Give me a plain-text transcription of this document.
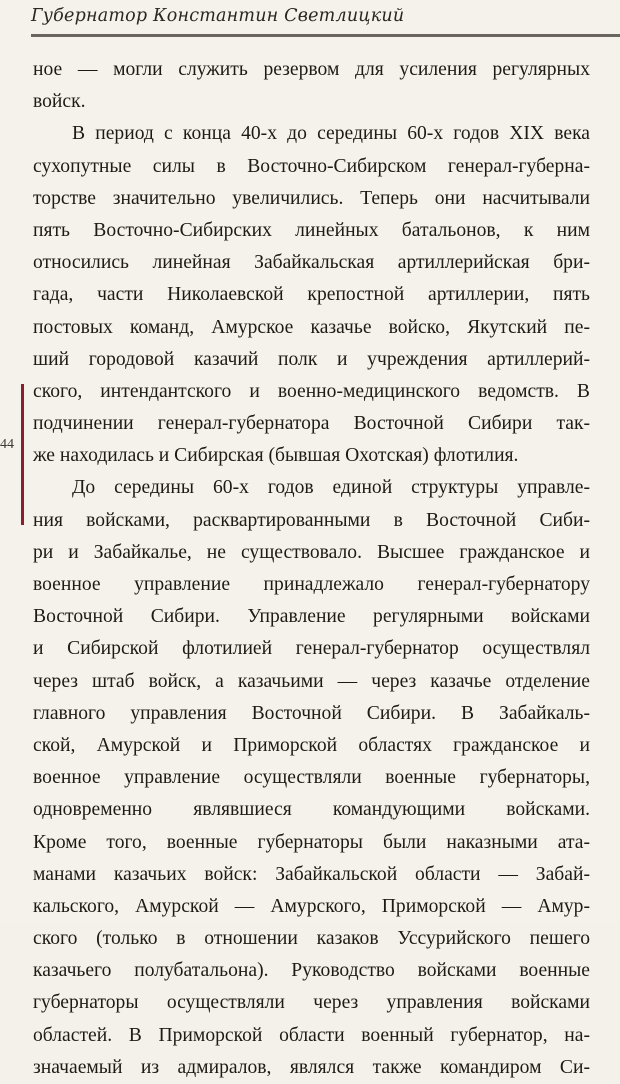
Губернатор Константин Светлицкий
44
ное — могли служить резервом для усиления регулярных
войск.
В период с конца 40-х до середины 60-х годов XIX века
сухопутные силы в Восточно-Сибирском генерал-губерна-
торстве значительно увеличились. Теперь они насчитывали
пять Восточно-Сибирских линейных батальонов, к ним
относились линейная Забайкальская артиллерийская бри-
гада, части Николаевской крепостной артиллерии, пять
постовых команд, Амурское казачье войско, Якутский пе-
ший городовой казачий полк и учреждения артиллерий-
ского, интендантского и военно-медицинского ведомств. В
подчинении генерал-губернатора Восточной Сибири так-
же находилась и Сибирская (бывшая Охотская) флотилия.
До середины 60-х годов единой структуры управле-
ния войсками, расквартированными в Восточной Сиби-
ри и Забайкалье, не существовало. Высшее гражданское и
военное управление принадлежало генерал-губернатору
Восточной Сибири. Управление регулярными войсками
и Сибирской флотилией генерал-губернатор осуществлял
через штаб войск, а казачьими — через казачье отделение
главного управления Восточной Сибири. В Забайкаль-
ской, Амурской и Приморской областях гражданское и
военное управление осуществляли военные губернаторы,
одновременно являвшиеся командующими войсками.
Кроме того, военные губернаторы были наказными ата-
манами казачьих войск: Забайкальской области — Забай-
кальского, Амурской — Амурского, Приморской — Амур-
ского (только в отношении казаков Уссурийского пешего
казачьего полубатальона). Руководство войсками военные
губернаторы осуществляли через управления войсками
областей. В Приморской области военный губернатор, на-
значаемый из адмиралов, являлся также командиром Си-
